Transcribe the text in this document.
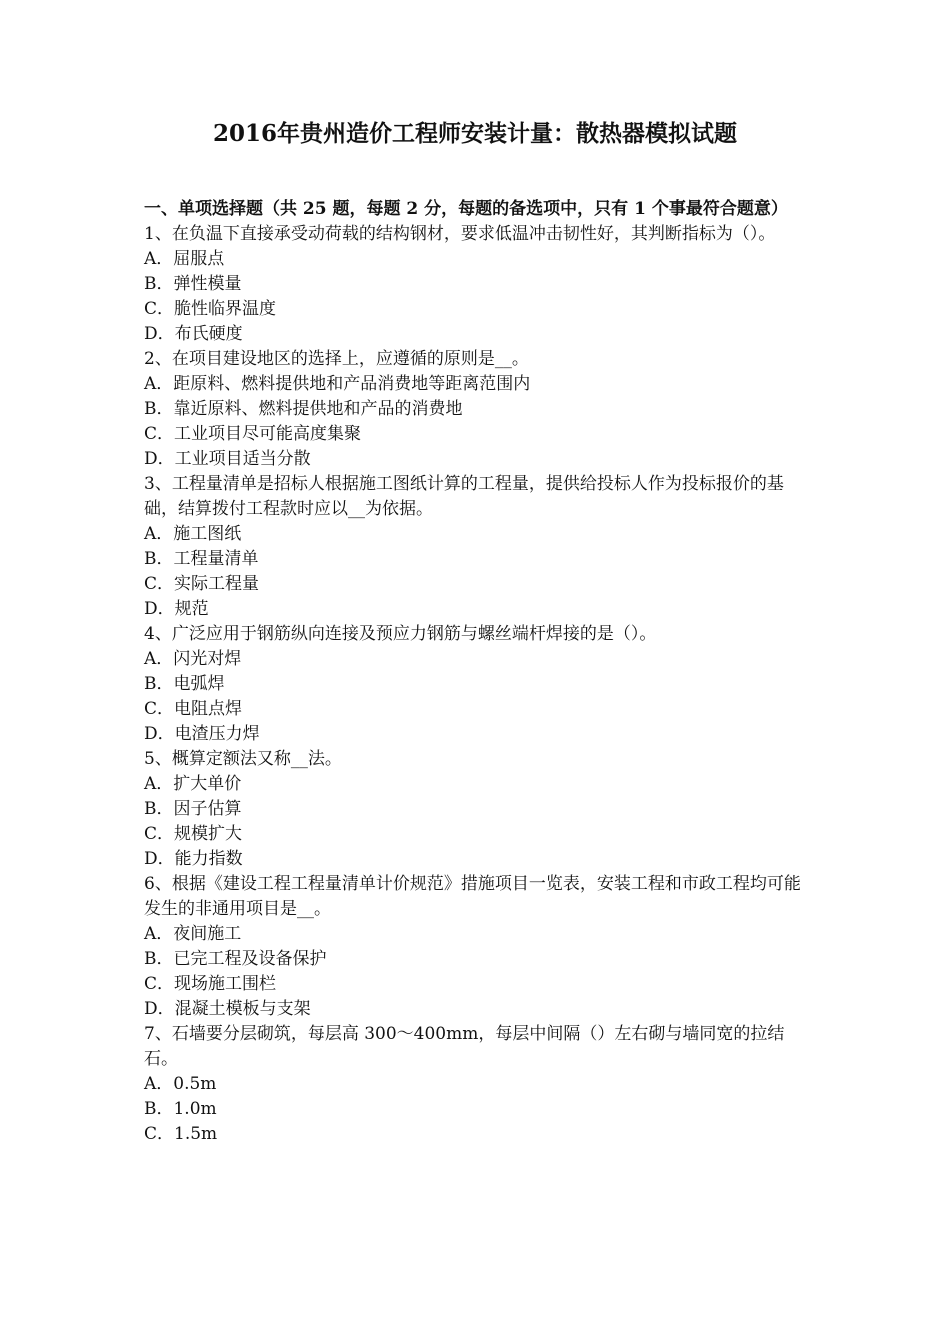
2016年贵州造价工程师安装计量：散热器模拟试题

一、单项选择题（共 25 题，每题 2 分，每题的备选项中，只有 1 个事最符合题意）

1、在负温下直接承受动荷载的结构钢材，要求低温冲击韧性好，其判断指标为（）。

A．屈服点

B．弹性模量

C．脆性临界温度

D．布氏硬度

2、在项目建设地区的选择上，应遵循的原则是__。

A．距原料、燃料提供地和产品消费地等距离范围内

B．靠近原料、燃料提供地和产品的消费地

C．工业项目尽可能高度集聚

D．工业项目适当分散

3、工程量清单是招标人根据施工图纸计算的工程量，提供给投标人作为投标报价的基础，结算拨付工程款时应以__为依据。

A．施工图纸

B．工程量清单

C．实际工程量

D．规范

4、广泛应用于钢筋纵向连接及预应力钢筋与螺丝端杆焊接的是（）。

A．闪光对焊

B．电弧焊

C．电阻点焊

D．电渣压力焊

5、概算定额法又称__法。

A．扩大单价

B．因子估算

C．规模扩大

D．能力指数

6、根据《建设工程工程量清单计价规范》措施项目一览表，安装工程和市政工程均可能发生的非通用项目是__。

A．夜间施工

B．已完工程及设备保护

C．现场施工围栏

D．混凝土模板与支架

7、石墙要分层砌筑，每层高 300～400mm，每层中间隔（）左右砌与墙同宽的拉结石。

A．0.5m

B．1.0m

C．1.5m
